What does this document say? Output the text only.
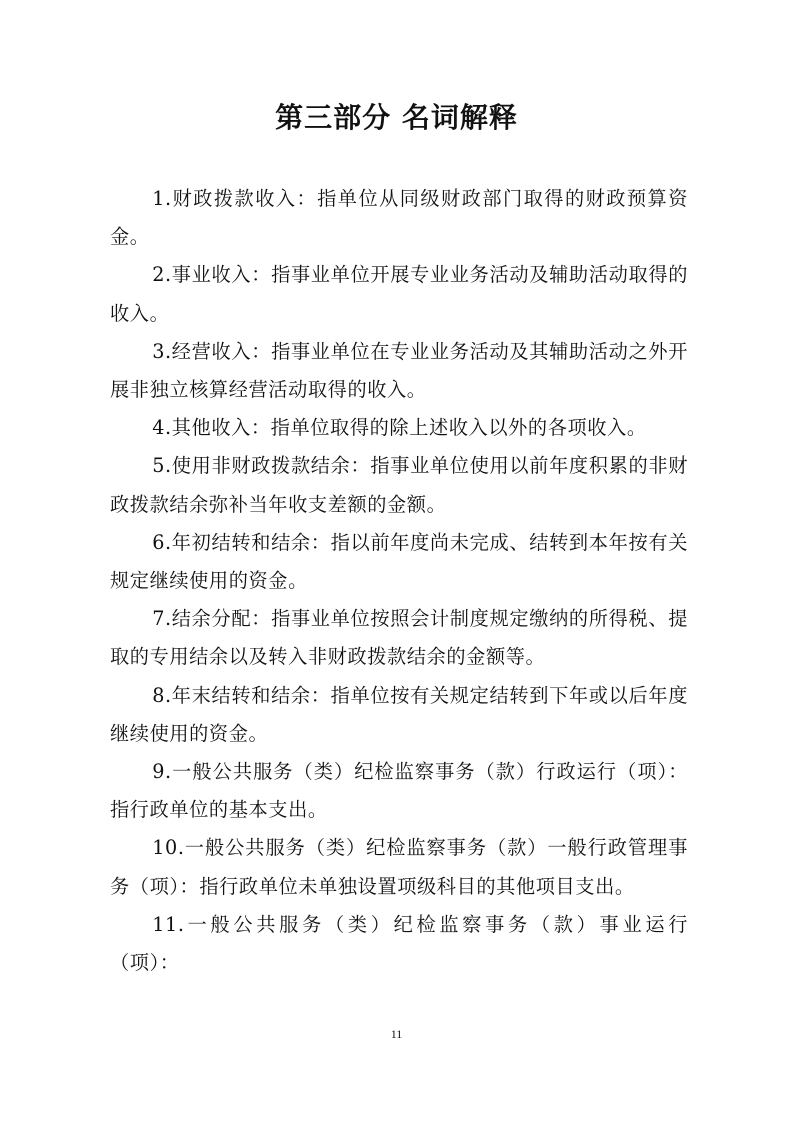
第三部分 名词解释

1.财政拨款收入：指单位从同级财政部门取得的财政预算资金。

2.事业收入：指事业单位开展专业业务活动及辅助活动取得的收入。

3.经营收入：指事业单位在专业业务活动及其辅助活动之外开展非独立核算经营活动取得的收入。

4.其他收入：指单位取得的除上述收入以外的各项收入。

5.使用非财政拨款结余：指事业单位使用以前年度积累的非财政拨款结余弥补当年收支差额的金额。

6.年初结转和结余：指以前年度尚未完成、结转到本年按有关规定继续使用的资金。

7.结余分配：指事业单位按照会计制度规定缴纳的所得税、提取的专用结余以及转入非财政拨款结余的金额等。

8.年末结转和结余：指单位按有关规定结转到下年或以后年度继续使用的资金。

9.一般公共服务（类）纪检监察事务（款）行政运行（项）：指行政单位的基本支出。

10.一般公共服务（类）纪检监察事务（款）一般行政管理事务（项）：指行政单位未单独设置项级科目的其他项目支出。

11.一般公共服务（类）纪检监察事务（款）事业运行（项）：

11
